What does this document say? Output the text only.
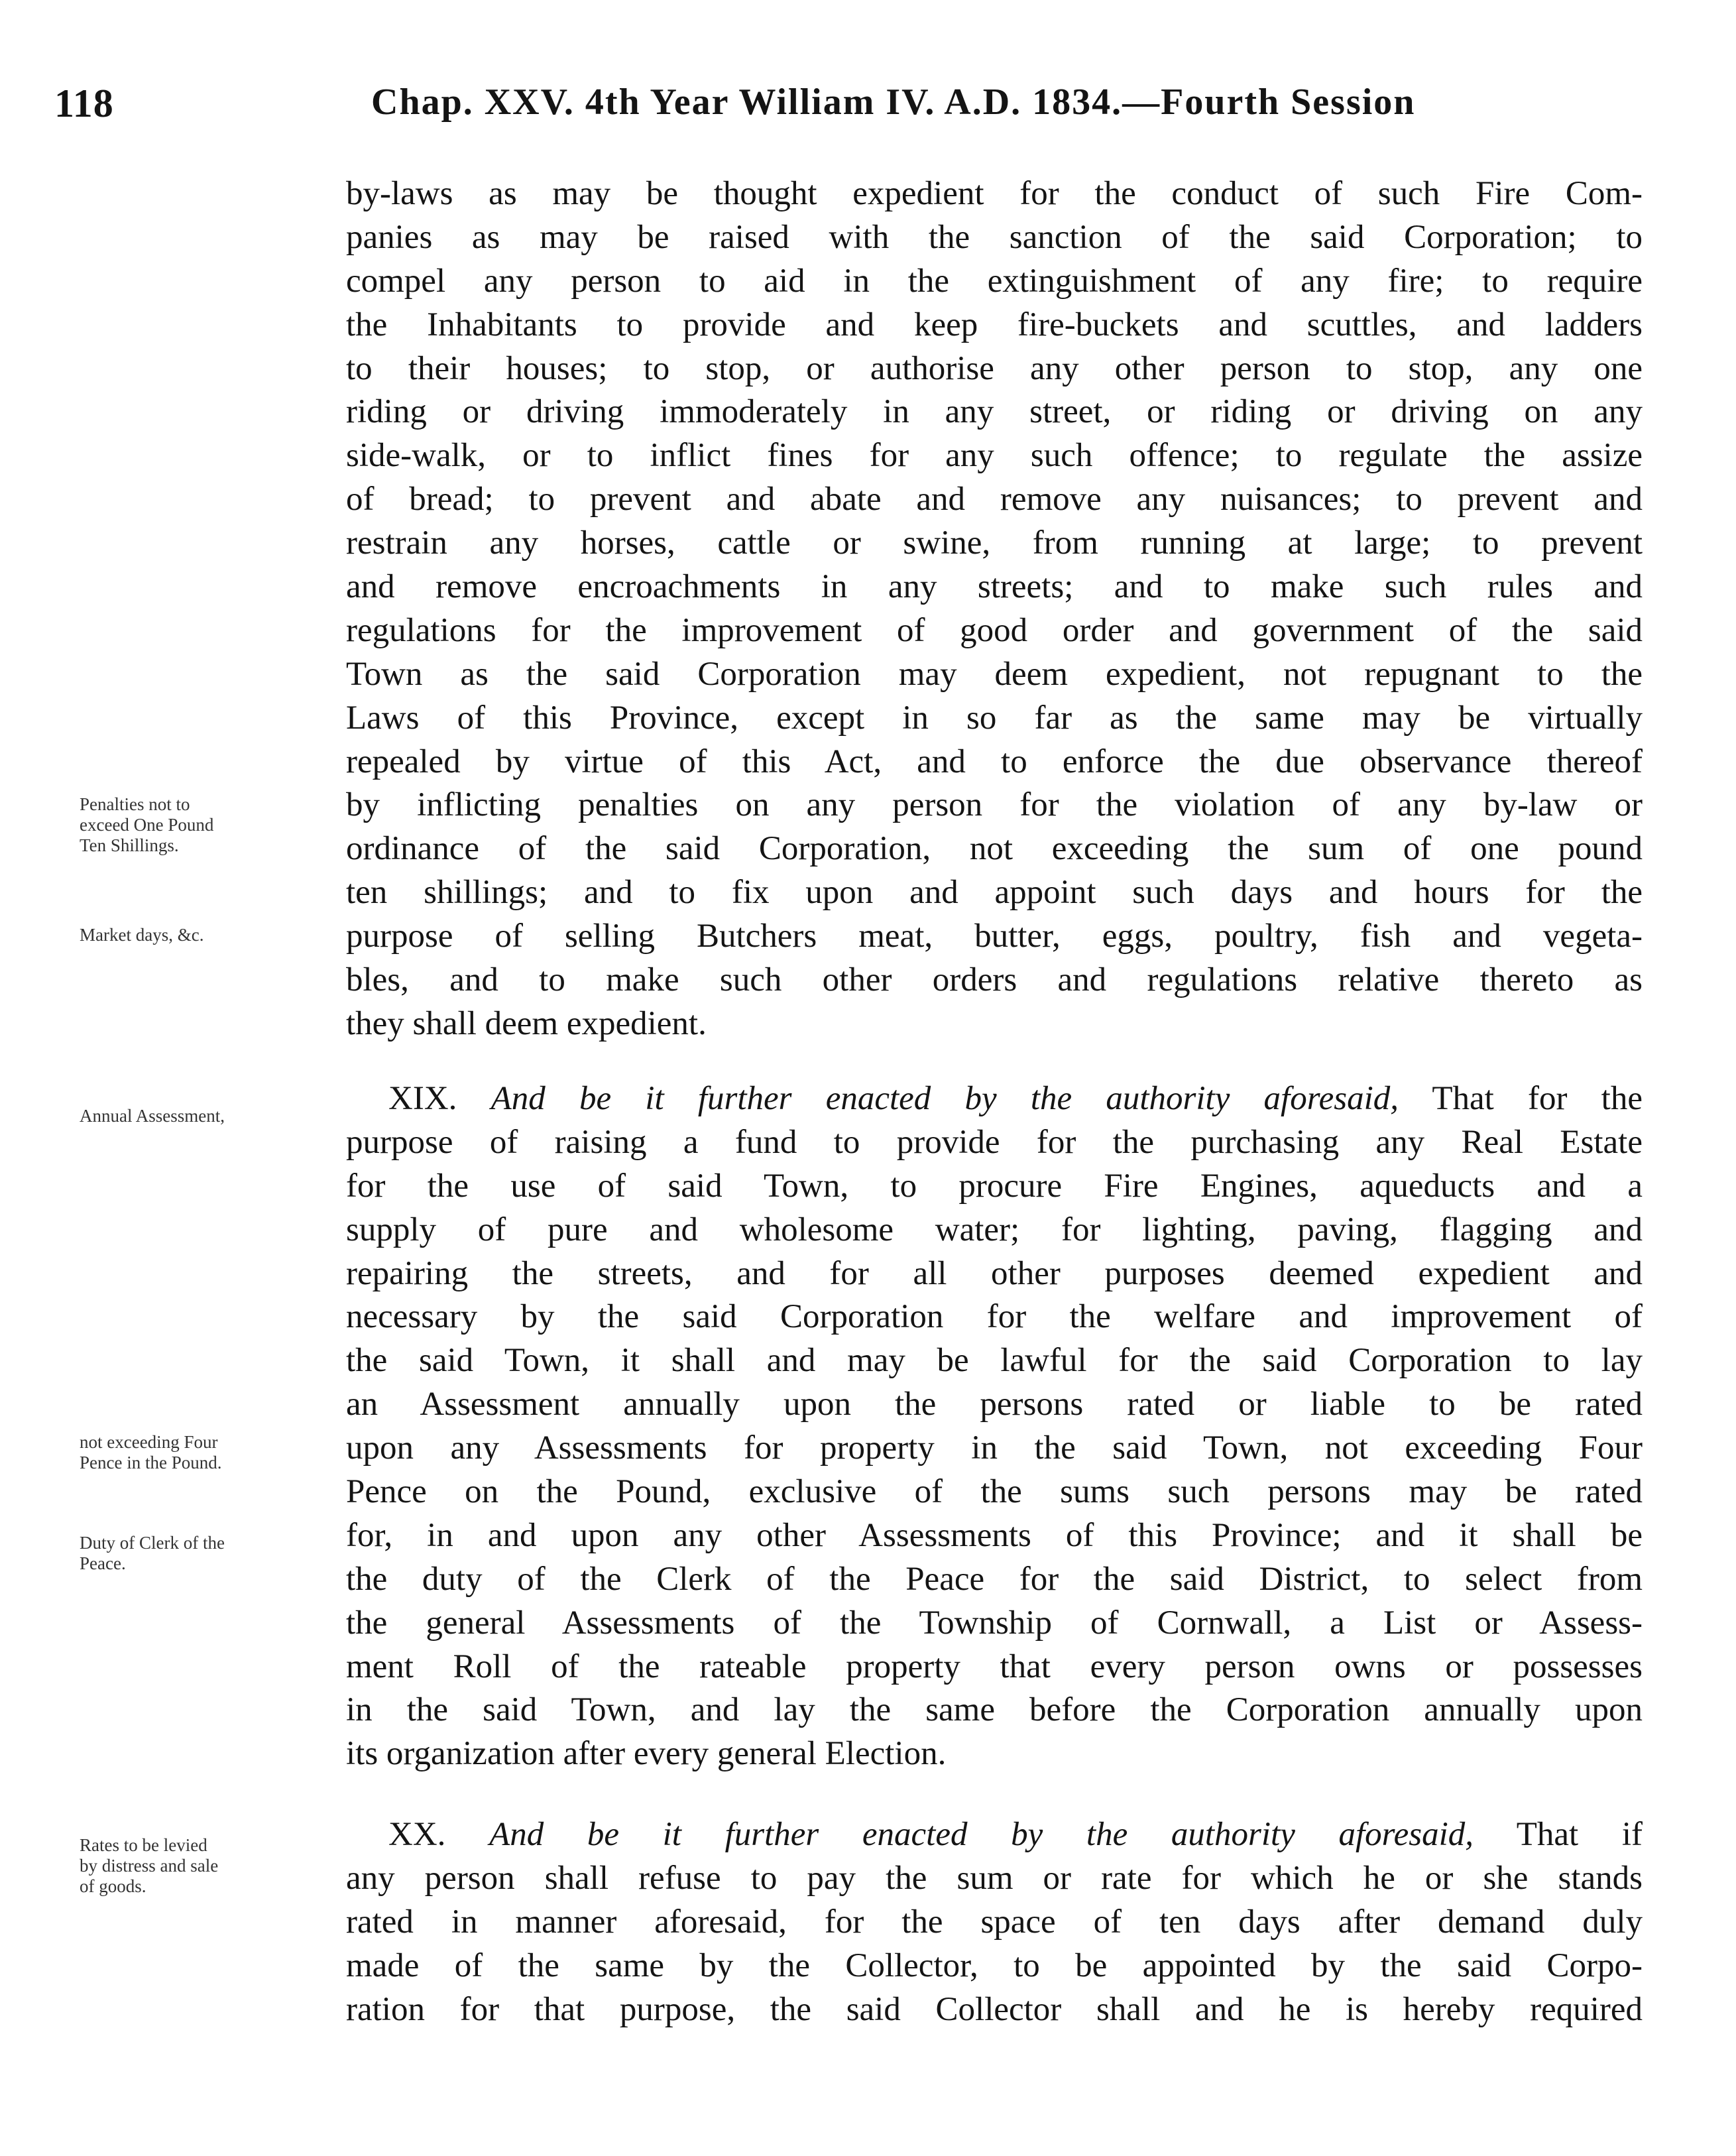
118	Chap. XXV. 4th Year William IV. A.D. 1834.—Fourth Session
by-laws as may be thought expedient for the conduct of such Fire Com-
panies as may be raised with the sanction of the said Corporation; to
compel any person to aid in the extinguishment of any fire; to require
the Inhabitants to provide and keep fire-buckets and scuttles, and ladders
to their houses; to stop, or authorise any other person to stop, any one
riding or driving immoderately in any street, or riding or driving on any
side-walk, or to inflict fines for any such offence; to regulate the assize
of bread; to prevent and abate and remove any nuisances; to prevent and
restrain any horses, cattle or swine, from running at large; to prevent
and remove encroachments in any streets; and to make such rules and
regulations for the improvement of good order and government of the said
Town as the said Corporation may deem expedient, not repugnant to the
Laws of this Province, except in so far as the same may be virtually
repealed by virtue of this Act, and to enforce the due observance thereof
by inflicting penalties on any person for the violation of any by-law or
ordinance of the said Corporation, not exceeding the sum of one pound
ten shillings; and to fix upon and appoint such days and hours for the
purpose of selling Butchers meat, butter, eggs, poultry, fish and vegeta-
bles, and to make such other orders and regulations relative thereto as
they shall deem expedient.
XIX. And be it further enacted by the authority aforesaid, That for the
purpose of raising a fund to provide for the purchasing any Real Estate
for the use of said Town, to procure Fire Engines, aqueducts and a
supply of pure and wholesome water; for lighting, paving, flagging and
repairing the streets, and for all other purposes deemed expedient and
necessary by the said Corporation for the welfare and improvement of
the said Town, it shall and may be lawful for the said Corporation to lay
an Assessment annually upon the persons rated or liable to be rated
upon any Assessments for property in the said Town, not exceeding Four
Pence on the Pound, exclusive of the sums such persons may be rated
for, in and upon any other Assessments of this Province; and it shall be
the duty of the Clerk of the Peace for the said District, to select from
the general Assessments of the Township of Cornwall, a List or Assess-
ment Roll of the rateable property that every person owns or possesses
in the said Town, and lay the same before the Corporation annually upon
its organization after every general Election.
XX. And be it further enacted by the authority aforesaid, That if
any person shall refuse to pay the sum or rate for which he or she stands
rated in manner aforesaid, for the space of ten days after demand duly
made of the same by the Collector, to be appointed by the said Corpo-
ration for that purpose, the said Collector shall and he is hereby required
Penalties not to
exceed One Pound
Ten Shillings.
Market days, &c.
Annual Assessment,
not exceeding Four
Pence in the Pound.
Duty of Clerk of the
Peace.
Rates to be levied
by distress and sale
of goods.
